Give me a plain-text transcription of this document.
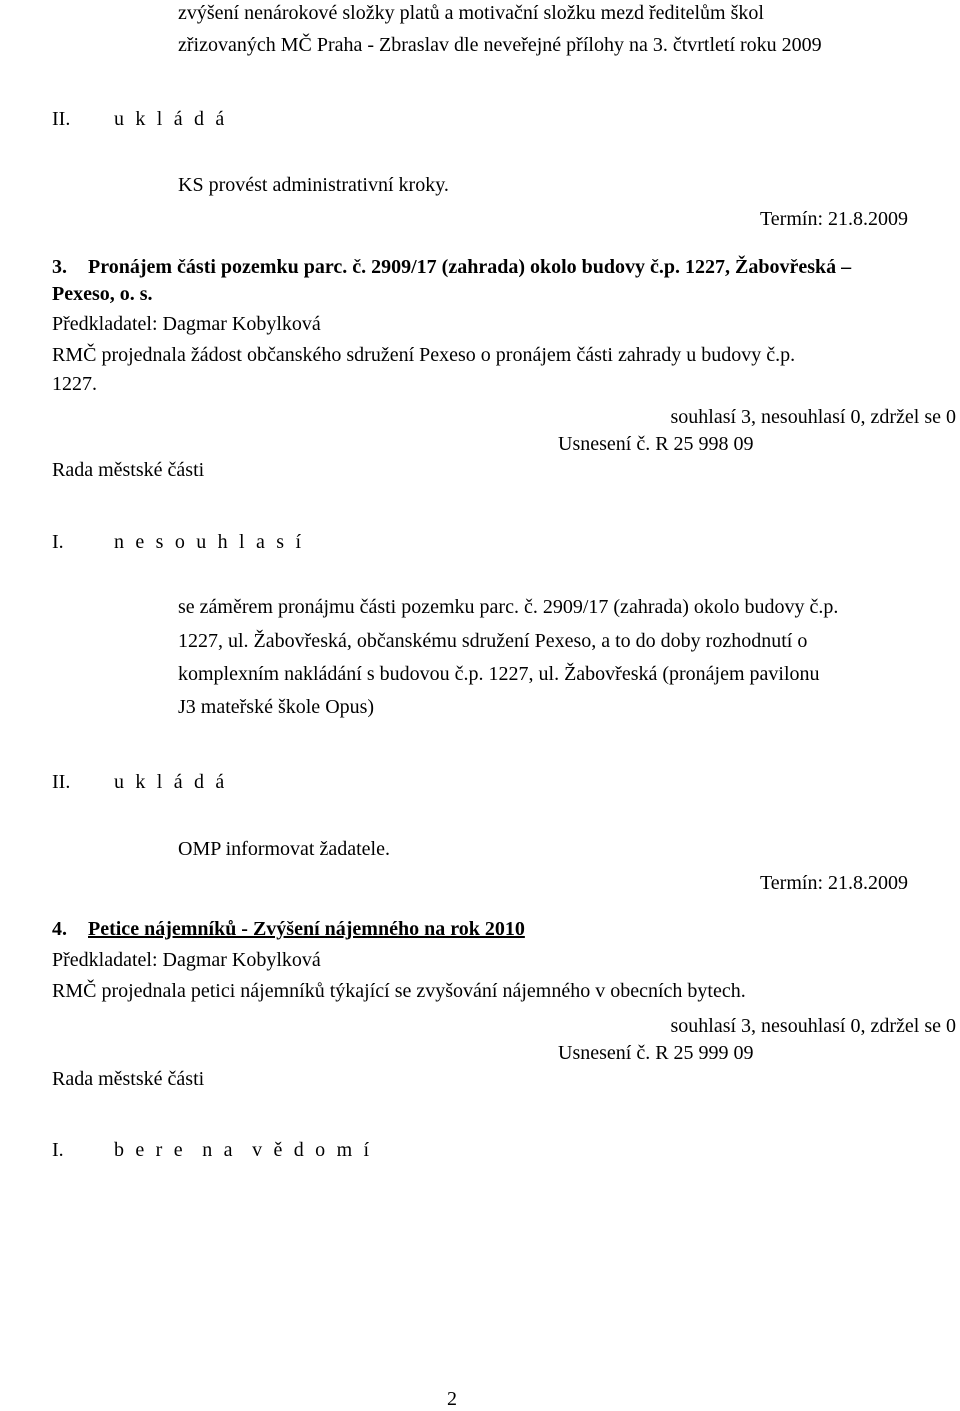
zvýšení nenárokové složky platů a motivační složku mezd ředitelům škol
zřizovaných MČ Praha - Zbraslav dle neveřejné přílohy na 3. čtvrtletí roku 2009
II. u k l á d á
KS provést administrativní kroky.
Termín: 21.8.2009
3. Pronájem části pozemku parc. č. 2909/17 (zahrada) okolo budovy č.p. 1227, Žabovřeská –
Pexeso, o. s.
Předkladatel: Dagmar Kobylková
RMČ projednala žádost občanského sdružení Pexeso o pronájem části zahrady u budovy č.p.
1227.
souhlasí 3, nesouhlasí 0, zdržel se 0
Usnesení č. R 25 998 09
Rada městské části
I.	n e s o u h l a s í
se záměrem pronájmu části pozemku parc. č. 2909/17 (zahrada) okolo budovy č.p.
1227, ul. Žabovřeská, občanskému sdružení Pexeso, a to do doby rozhodnutí o
komplexním nakládání s budovou č.p. 1227, ul. Žabovřeská (pronájem pavilonu
J3 mateřské škole Opus)
II. u k l á d á
OMP informovat žadatele.
Termín: 21.8.2009
4. Petice nájemníků - Zvýšení nájemného na rok 2010
Předkladatel: Dagmar Kobylková
RMČ projednala petici nájemníků týkající se zvyšování nájemného v obecních bytech.
souhlasí 3, nesouhlasí 0, zdržel se 0
Usnesení č. R 25 999 09
Rada městské části
I.	b e r e  n a  v ě d o m í
2
